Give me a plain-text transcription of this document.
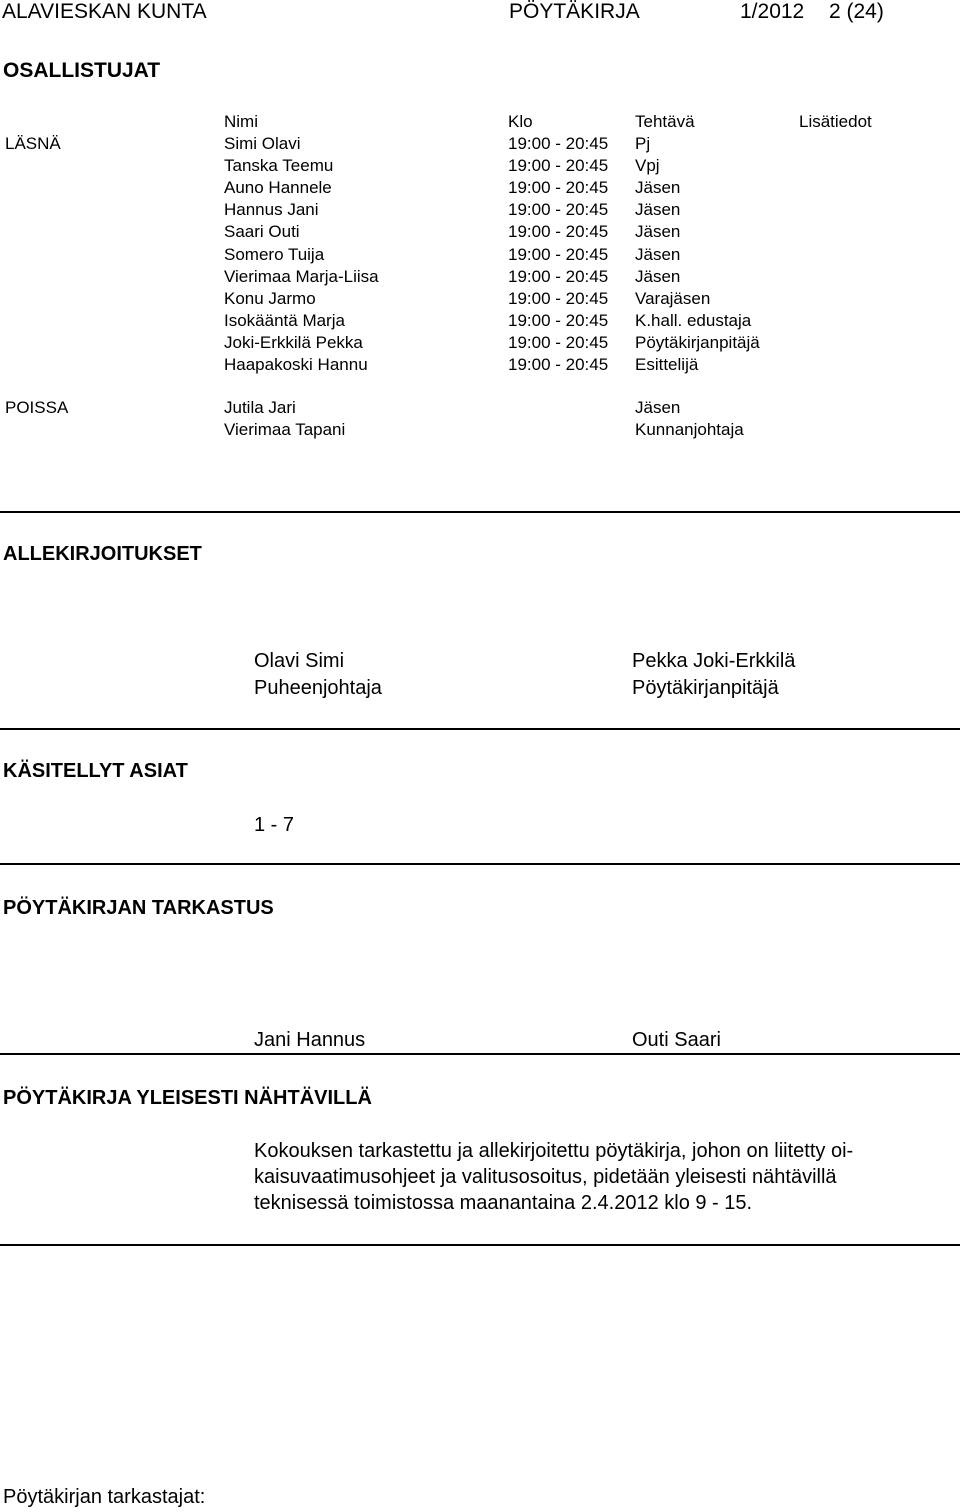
ALAVIESKAN KUNTA	PÖYTÄKIRJA	1/2012 2 (24)
OSALLISTUJAT
Nimi	Klo	Tehtävä	Lisätiedot
LÄSNÄ	Simi Olavi	19:00 - 20:45 Pj
Tanska Teemu	19:00 - 20:45 Vpj
Auno Hannele	19:00 - 20:45 Jäsen
Hannus Jani	19:00 - 20:45 Jäsen
Saari Outi	19:00 - 20:45 Jäsen
Somero Tuija	19:00 - 20:45 Jäsen
Vierimaa Marja-Liisa	19:00 - 20:45 Jäsen
Konu Jarmo	19:00 - 20:45 Varajäsen
Isokääntä Marja	19:00 - 20:45 K.hall. edustaja
Joki-Erkkilä Pekka	19:00 - 20:45 Pöytäkirjanpitäjä
Haapakoski Hannu	19:00 - 20:45 Esittelijä
POISSA	Jutila Jari	Jäsen
Vierimaa Tapani	Kunnanjohtaja
ALLEKIRJOITUKSET
Olavi Simi
Puheenjohtaja
Pekka Joki-Erkkilä
Pöytäkirjanpitäjä
KÄSITELLYT ASIAT
1 - 7
PÖYTÄKIRJAN TARKASTUS
Jani Hannus	Outi Saari
PÖYTÄKIRJA YLEISESTI NÄHTÄVILLÄ
Kokouksen tarkastettu ja allekirjoitettu pöytäkirja, johon on liitetty oi-
kaisuvaatimusohjeet ja valitusosoitus, pidetään yleisesti nähtävillä
teknisessä toimistossa maanantaina 2.4.2012 klo 9 - 15.
Pöytäkirjan tarkastajat:
